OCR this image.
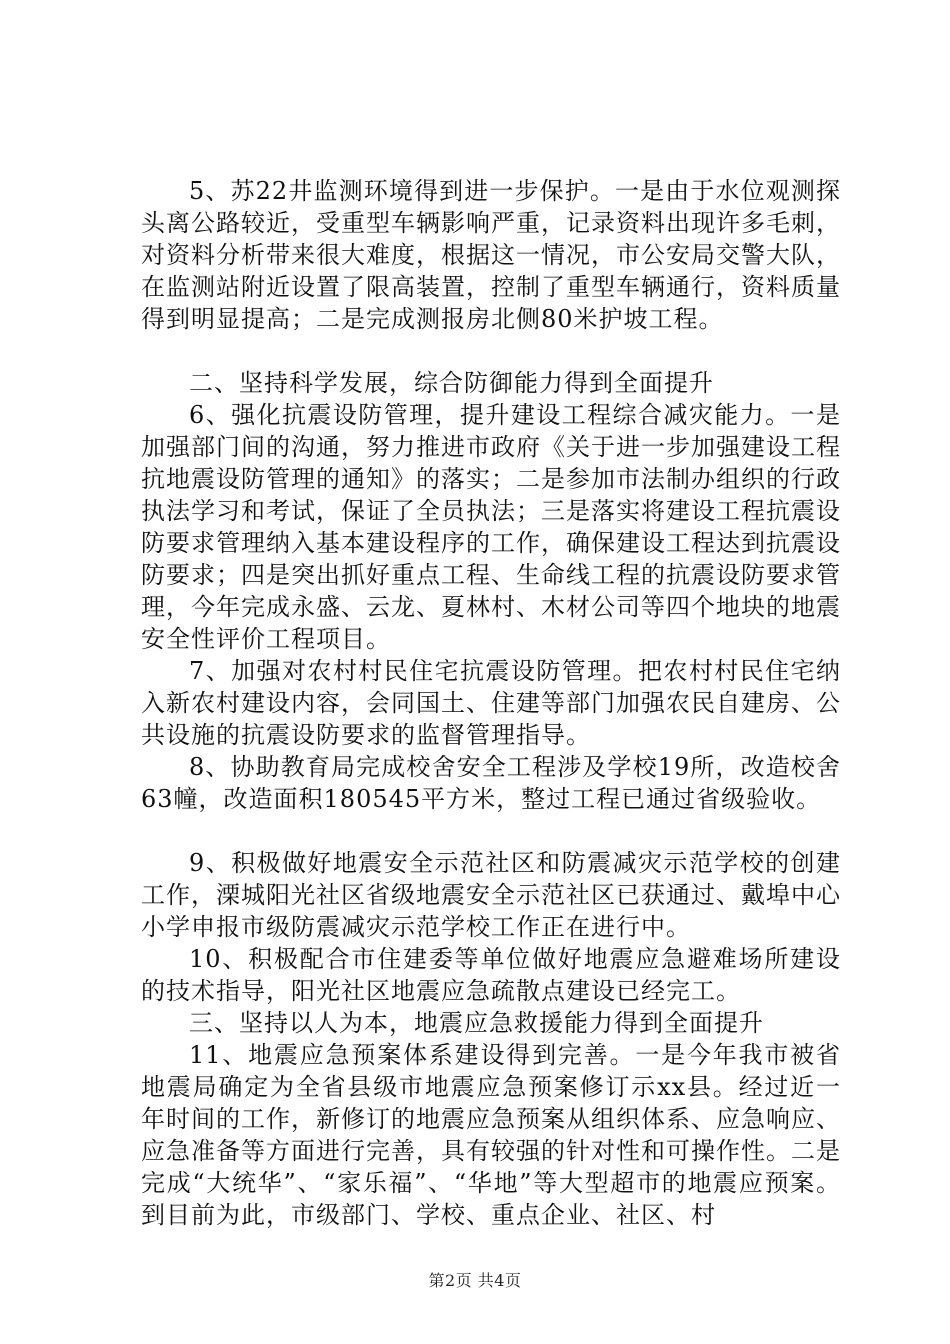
5、苏22井监测环境得到进一步保护。一是由于水位观测探头离公路较近，受重型车辆影响严重，记录资料出现许多毛刺，对资料分析带来很大难度，根据这一情况，市公安局交警大队，在监测站附近设置了限高装置，控制了重型车辆通行，资料质量得到明显提高；二是完成测报房北侧80米护坡工程。

二、坚持科学发展，综合防御能力得到全面提升

6、强化抗震设防管理，提升建设工程综合减灾能力。一是加强部门间的沟通，努力推进市政府《关于进一步加强建设工程抗地震设防管理的通知》的落实；二是参加市法制办组织的行政执法学习和考试，保证了全员执法；三是落实将建设工程抗震设防要求管理纳入基本建设程序的工作，确保建设工程达到抗震设防要求；四是突出抓好重点工程、生命线工程的抗震设防要求管理，今年完成永盛、云龙、夏林村、木材公司等四个地块的地震安全性评价工程项目。

7、加强对农村村民住宅抗震设防管理。把农村村民住宅纳入新农村建设内容，会同国土、住建等部门加强农民自建房、公共设施的抗震设防要求的监督管理指导。

8、协助教育局完成校舍安全工程涉及学校19所，改造校舍63幢，改造面积180545平方米，整过工程已通过省级验收。

9、积极做好地震安全示范社区和防震减灾示范学校的创建工作，溧城阳光社区省级地震安全示范社区已获通过、戴埠中心小学申报市级防震减灾示范学校工作正在进行中。

10、积极配合市住建委等单位做好地震应急避难场所建设的技术指导，阳光社区地震应急疏散点建设已经完工。

三、坚持以人为本，地震应急救援能力得到全面提升

11、地震应急预案体系建设得到完善。一是今年我市被省地震局确定为全省县级市地震应急预案修订示xx县。经过近一年时间的工作，新修订的地震应急预案从组织体系、应急响应、应急准备等方面进行完善，具有较强的针对性和可操作性。二是完成“大统华”、“家乐福”、“华地”等大型超市的地震应预案。到目前为此，市级部门、学校、重点企业、社区、村

第2页 共4页
